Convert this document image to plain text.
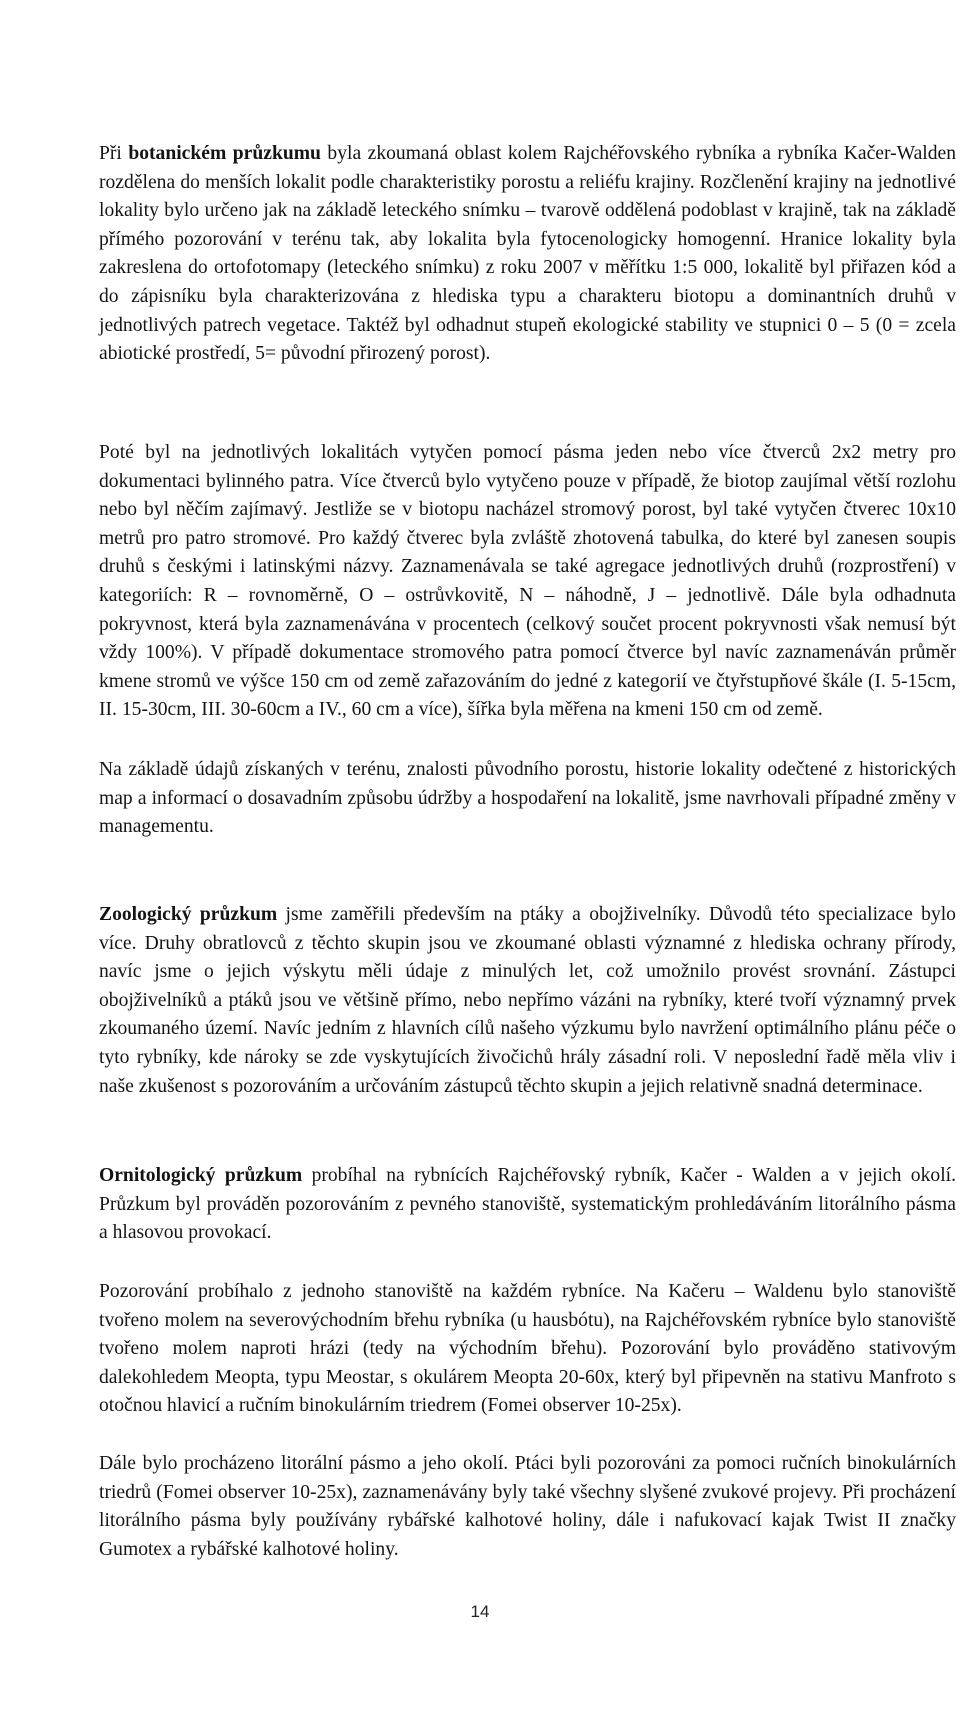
Při botanickém průzkumu byla zkoumaná oblast kolem Rajchéřovského rybníka a rybníka Kačer-Walden rozdělena do menších lokalit podle charakteristiky porostu a reliéfu krajiny. Rozčlenění krajiny na jednotlivé lokality bylo určeno jak na základě leteckého snímku – tvarově oddělená podoblast v krajině, tak na základě přímého pozorování v terénu tak, aby lokalita byla fytocenologicky homogenní. Hranice lokality byla zakreslena do ortofotomapy (leteckého snímku) z roku 2007 v měřítku 1:5 000, lokalitě byl přiřazen kód a do zápisníku byla charakterizována z hlediska typu a charakteru biotopu a dominantních druhů v jednotlivých patrech vegetace. Taktéž byl odhadnut stupeň ekologické stability ve stupnici 0 – 5 (0 = zcela abiotické prostředí, 5= původní přirozený porost).

Poté byl na jednotlivých lokalitách vytyčen pomocí pásma jeden nebo více čtverců 2x2 metry pro dokumentaci bylinného patra. Více čtverců bylo vytyčeno pouze v případě, že biotop zaujímal větší rozlohu nebo byl něčím zajímavý. Jestliže se v biotopu nacházel stromový porost, byl také vytyčen čtverec 10x10 metrů pro patro stromové. Pro každý čtverec byla zvláště zhotovená tabulka, do které byl zanesen soupis druhů s českými i latinskými názvy. Zaznamenávala se také agregace jednotlivých druhů (rozprostření) v kategoriích: R – rovnoměrně, O – ostrůvkovitě, N – náhodně, J – jednotlivě. Dále byla odhadnuta pokryvnost, která byla zaznamenávána v procentech (celkový součet procent pokryvnosti však nemusí být vždy 100%). V případě dokumentace stromového patra pomocí čtverce byl navíc zaznamenáván průměr kmene stromů ve výšce 150 cm od země zařazováním do jedné z kategorií ve čtyřstupňové škále (I. 5-15cm, II. 15-30cm, III. 30-60cm a IV., 60 cm a více), šířka byla měřena na kmeni 150 cm od země.

Na základě údajů získaných v terénu, znalosti původního porostu, historie lokality odečtené z historických map a informací o dosavadním způsobu údržby a hospodaření na lokalitě, jsme navrhovali případné změny v managementu.

Zoologický průzkum jsme zaměřili především na ptáky a obojživelníky. Důvodů této specializace bylo více. Druhy obratlovců z těchto skupin jsou ve zkoumané oblasti významné z hlediska ochrany přírody, navíc jsme o jejich výskytu měli údaje z minulých let, což umožnilo provést srovnání. Zástupci obojživelníků a ptáků jsou ve většině přímo, nebo nepřímo vázáni na rybníky, které tvoří významný prvek zkoumaného území. Navíc jedním z hlavních cílů našeho výzkumu bylo navržení optimálního plánu péče o tyto rybníky, kde nároky se zde vyskytujících živočichů hrály zásadní roli. V neposlední řadě měla vliv i naše zkušenost s pozorováním a určováním zástupců těchto skupin a jejich relativně snadná determinace.

Ornitologický průzkum probíhal na rybnících Rajchéřovský rybník, Kačer - Walden a v jejich okolí. Průzkum byl prováděn pozorováním z pevného stanoviště, systematickým prohledáváním litorálního pásma a hlasovou provokací.

Pozorování probíhalo z jednoho stanoviště na každém rybníce. Na Kačeru – Waldenu bylo stanoviště tvořeno molem na severovýchodním břehu rybníka (u hausbótu), na Rajchéřovském rybníce bylo stanoviště tvořeno molem naproti hrázi (tedy na východním břehu). Pozorování bylo prováděno stativovým dalekohledem Meopta, typu Meostar, s okulárem Meopta 20-60x, který byl připevněn na stativu Manfroto s otočnou hlavicí a ručním binokulárním triedrem (Fomei observer 10-25x).

Dále bylo procházeno litorální pásmo a jeho okolí. Ptáci byli pozorováni za pomoci ručních binokulárních triedrů (Fomei observer 10-25x), zaznamenávány byly také všechny slyšené zvukové projevy. Při procházení litorálního pásma byly používány rybářské kalhotové holiny, dále i nafukovací kajak Twist II značky Gumotex a rybářské kalhotové holiny.

14
